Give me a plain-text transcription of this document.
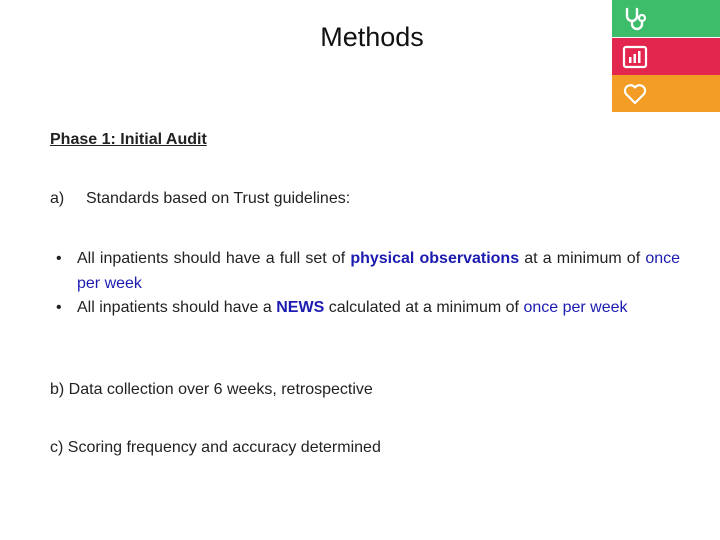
Methods
Phase 1: Initial Audit
a) Standards based on Trust guidelines:
• All inpatients should have a full set of physical observations at a minimum of once per week
• All inpatients should have a NEWS calculated at a minimum of once per week
b) Data collection over 6 weeks, retrospective
c) Scoring frequency and accuracy determined
